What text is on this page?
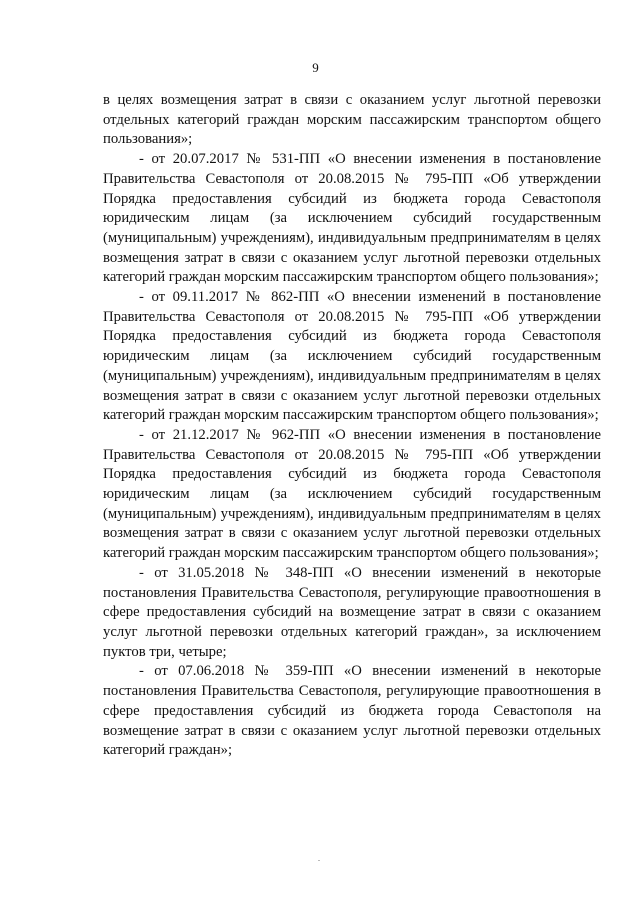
9

в целях возмещения затрат в связи с оказанием услуг льготной перевозки отдельных категорий граждан морским пассажирским транспортом общего пользования»;

- от 20.07.2017 № 531-ПП «О внесении изменения в постановление Правительства Севастополя от 20.08.2015 № 795-ПП «Об утверждении Порядка предоставления субсидий из бюджета города Севастополя юридическим лицам (за исключением субсидий государственным (муниципальным) учреждениям), индивидуальным предпринимателям в целях возмещения затрат в связи с оказанием услуг льготной перевозки отдельных категорий граждан морским пассажирским транспортом общего пользования»;

- от 09.11.2017 № 862-ПП «О внесении изменений в постановление Правительства Севастополя от 20.08.2015 № 795-ПП «Об утверждении Порядка предоставления субсидий из бюджета города Севастополя юридическим лицам (за исключением субсидий государственным (муниципальным) учреждениям), индивидуальным предпринимателям в целях возмещения затрат в связи с оказанием услуг льготной перевозки отдельных категорий граждан морским пассажирским транспортом общего пользования»;

- от 21.12.2017 № 962-ПП «О внесении изменения в постановление Правительства Севастополя от 20.08.2015 № 795-ПП «Об утверждении Порядка предоставления субсидий из бюджета города Севастополя юридическим лицам (за исключением субсидий государственным (муниципальным) учреждениям), индивидуальным предпринимателям в целях возмещения затрат в связи с оказанием услуг льготной перевозки отдельных категорий граждан морским пассажирским транспортом общего пользования»;

- от 31.05.2018 № 348-ПП «О внесении изменений в некоторые постановления Правительства Севастополя, регулирующие правоотношения в сфере предоставления субсидий на возмещение затрат в связи с оказанием услуг льготной перевозки отдельных категорий граждан», за исключением пуктов три, четыре;

- от 07.06.2018 № 359-ПП «О внесении изменений в некоторые постановления Правительства Севастополя, регулирующие правоотношения в сфере предоставления субсидий из бюджета города Севастополя на возмещение затрат в связи с оказанием услуг льготной перевозки отдельных категорий граждан»;
